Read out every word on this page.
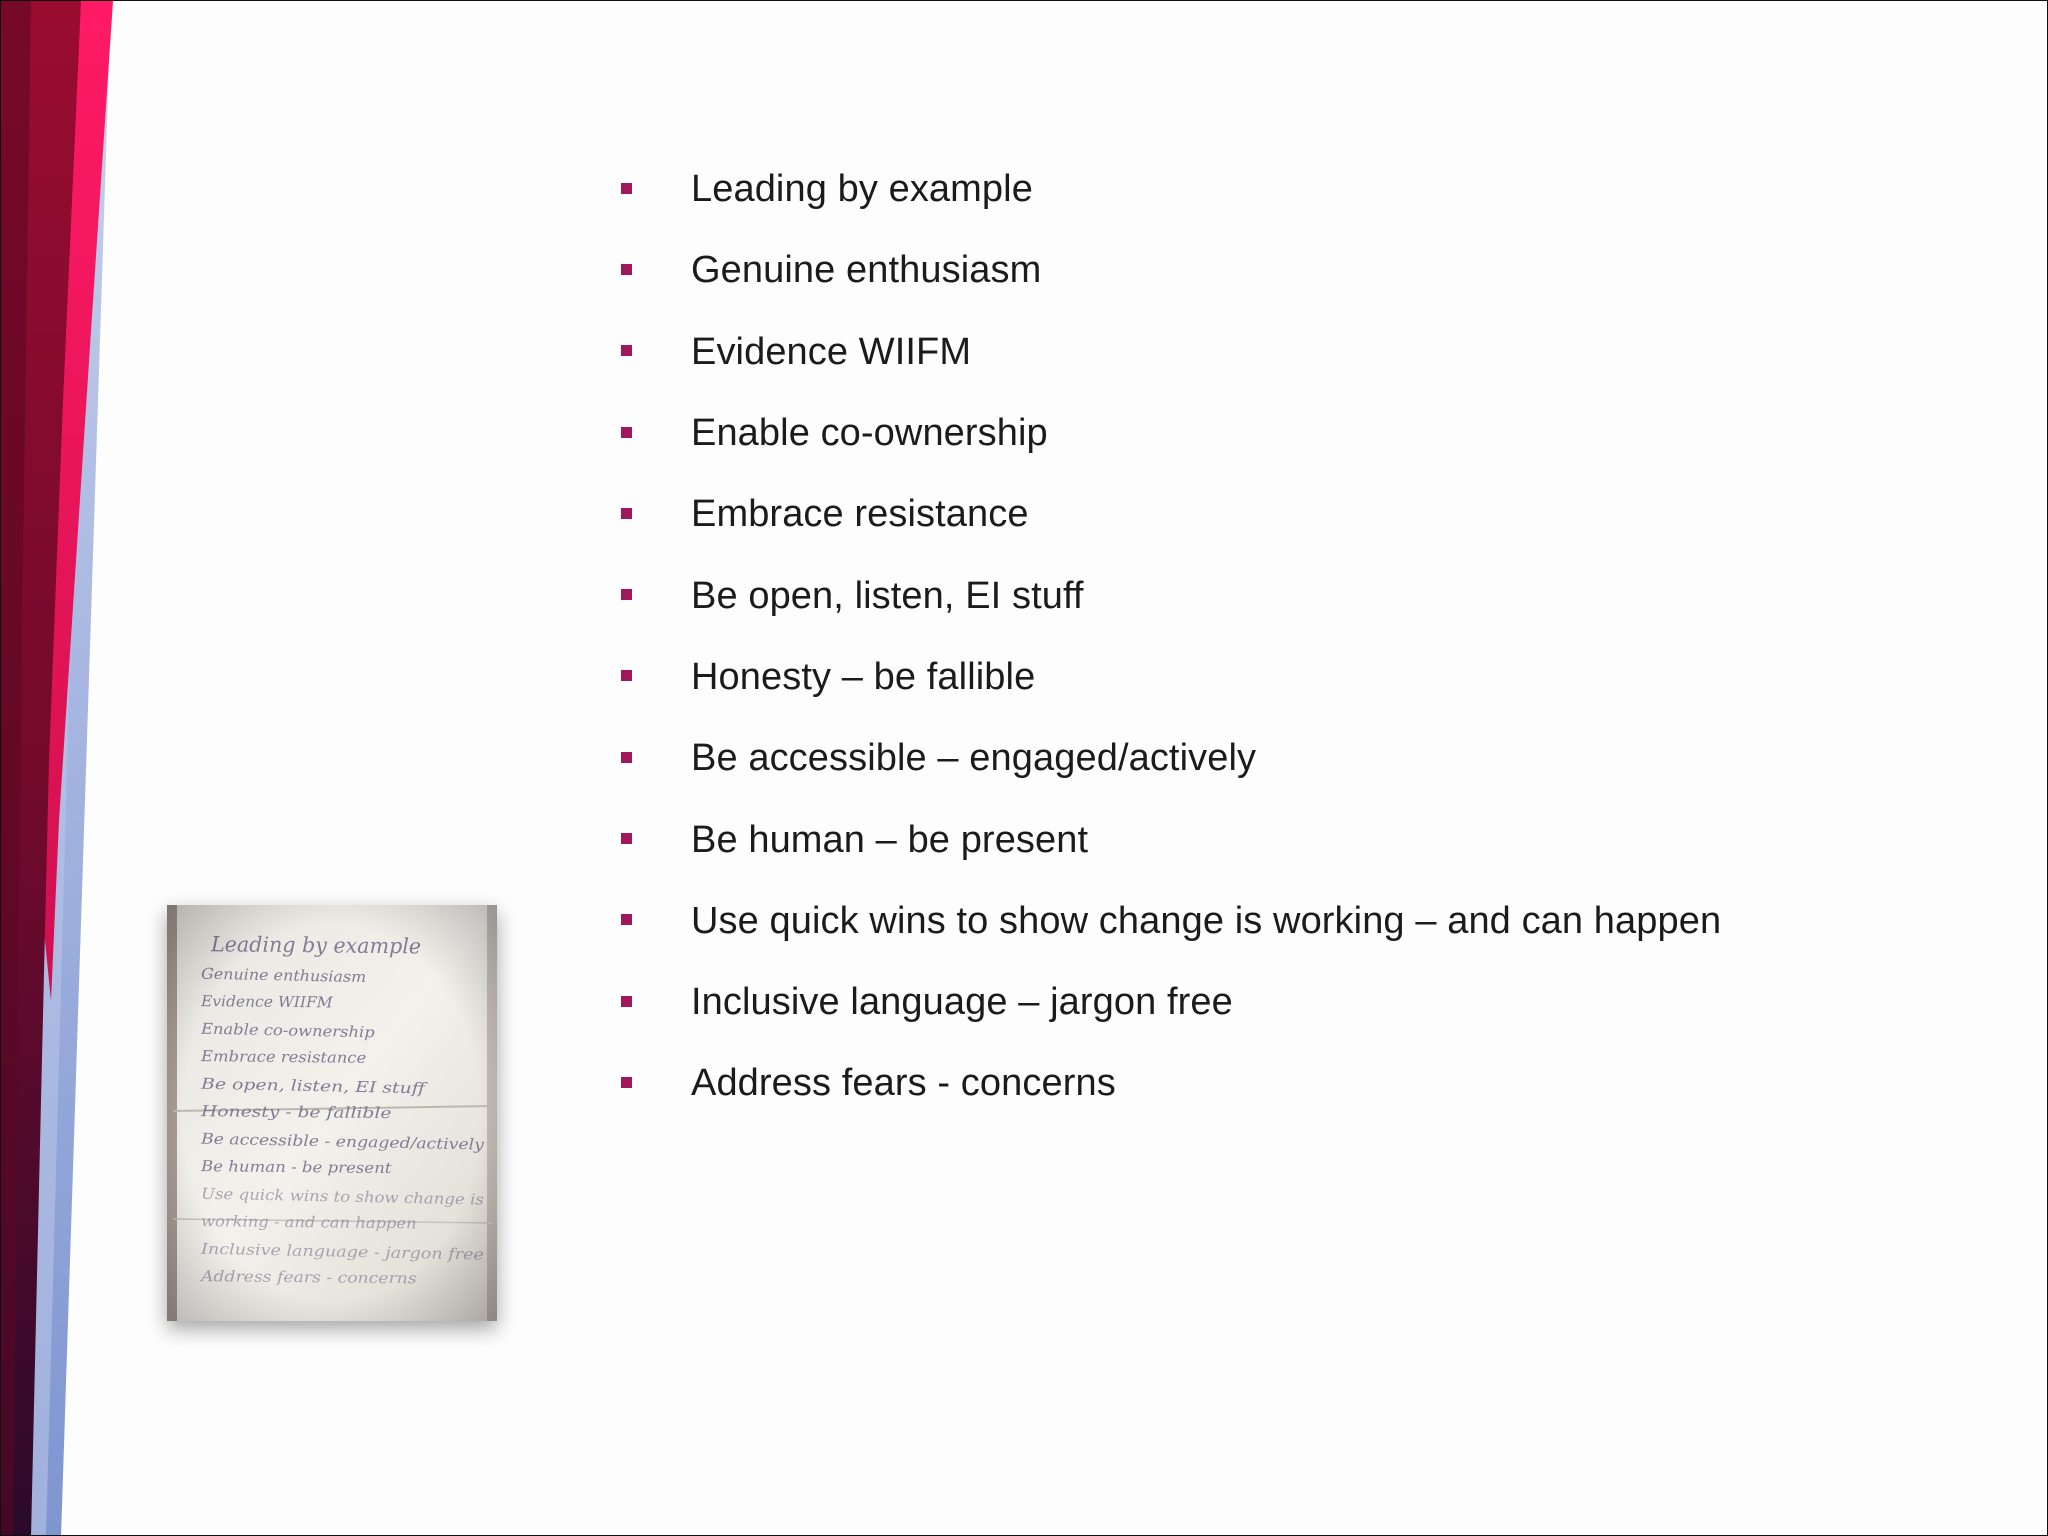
Leading by example
Genuine enthusiasm
Evidence WIIFM
Enable co-ownership
Embrace resistance
Be open, listen, EI stuff
Honesty – be fallible
Be accessible – engaged/actively
Be human – be present
Use quick wins to show change is working – and can happen
Inclusive language – jargon free
Address fears - concerns
